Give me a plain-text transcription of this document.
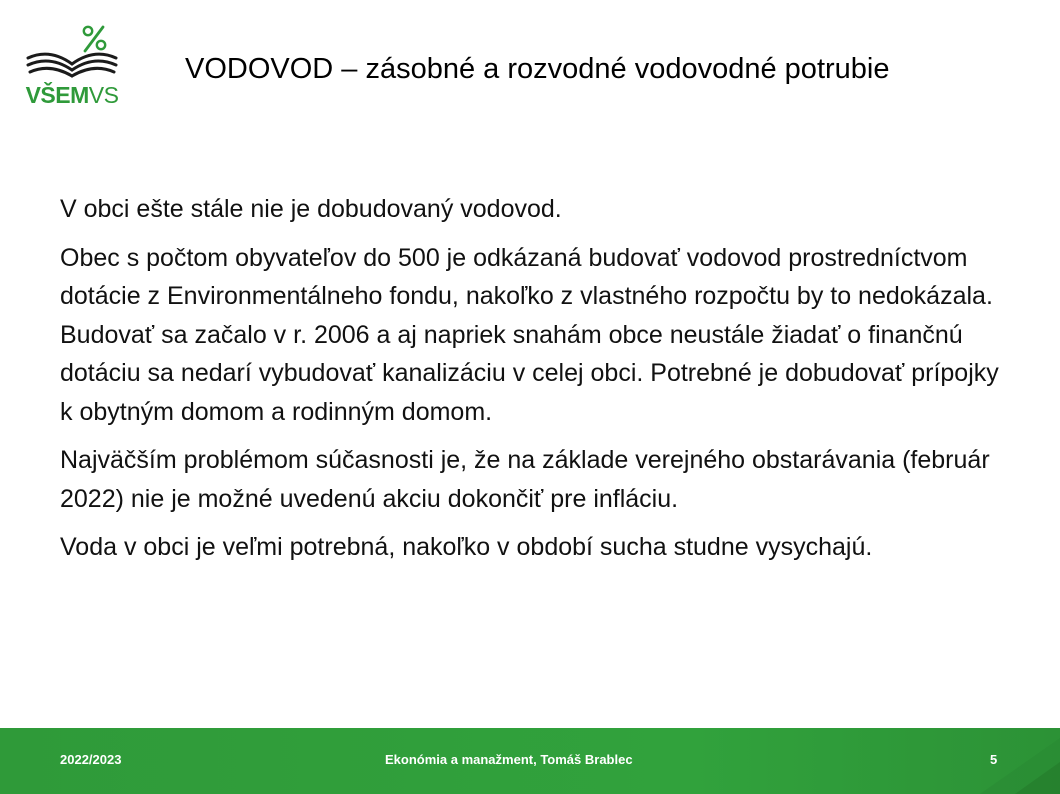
VŠEMVS
VODOVOD – zásobné a rozvodné vodovodné potrubie

V obci ešte stále nie je dobudovaný vodovod.

Obec s počtom obyvateľov do 500 je odkázaná budovať vodovod prostredníctvom dotácie z Environmentálneho fondu, nakoľko z vlastného rozpočtu by to nedokázala. Budovať sa začalo v r. 2006 a aj napriek snahám obce neustále žiadať o finančnú dotáciu sa nedarí vybudovať kanalizáciu v celej obci. Potrebné je dobudovať prípojky k obytným domom a rodinným domom.

Najväčším problémom súčasnosti je, že na základe verejného obstarávania (február 2022) nie je možné uvedenú akciu dokončiť pre infláciu.

Voda v obci je veľmi potrebná, nakoľko v období sucha studne vysychajú.

2022/2023	Ekonómia a manažment, Tomáš Brablec	5
